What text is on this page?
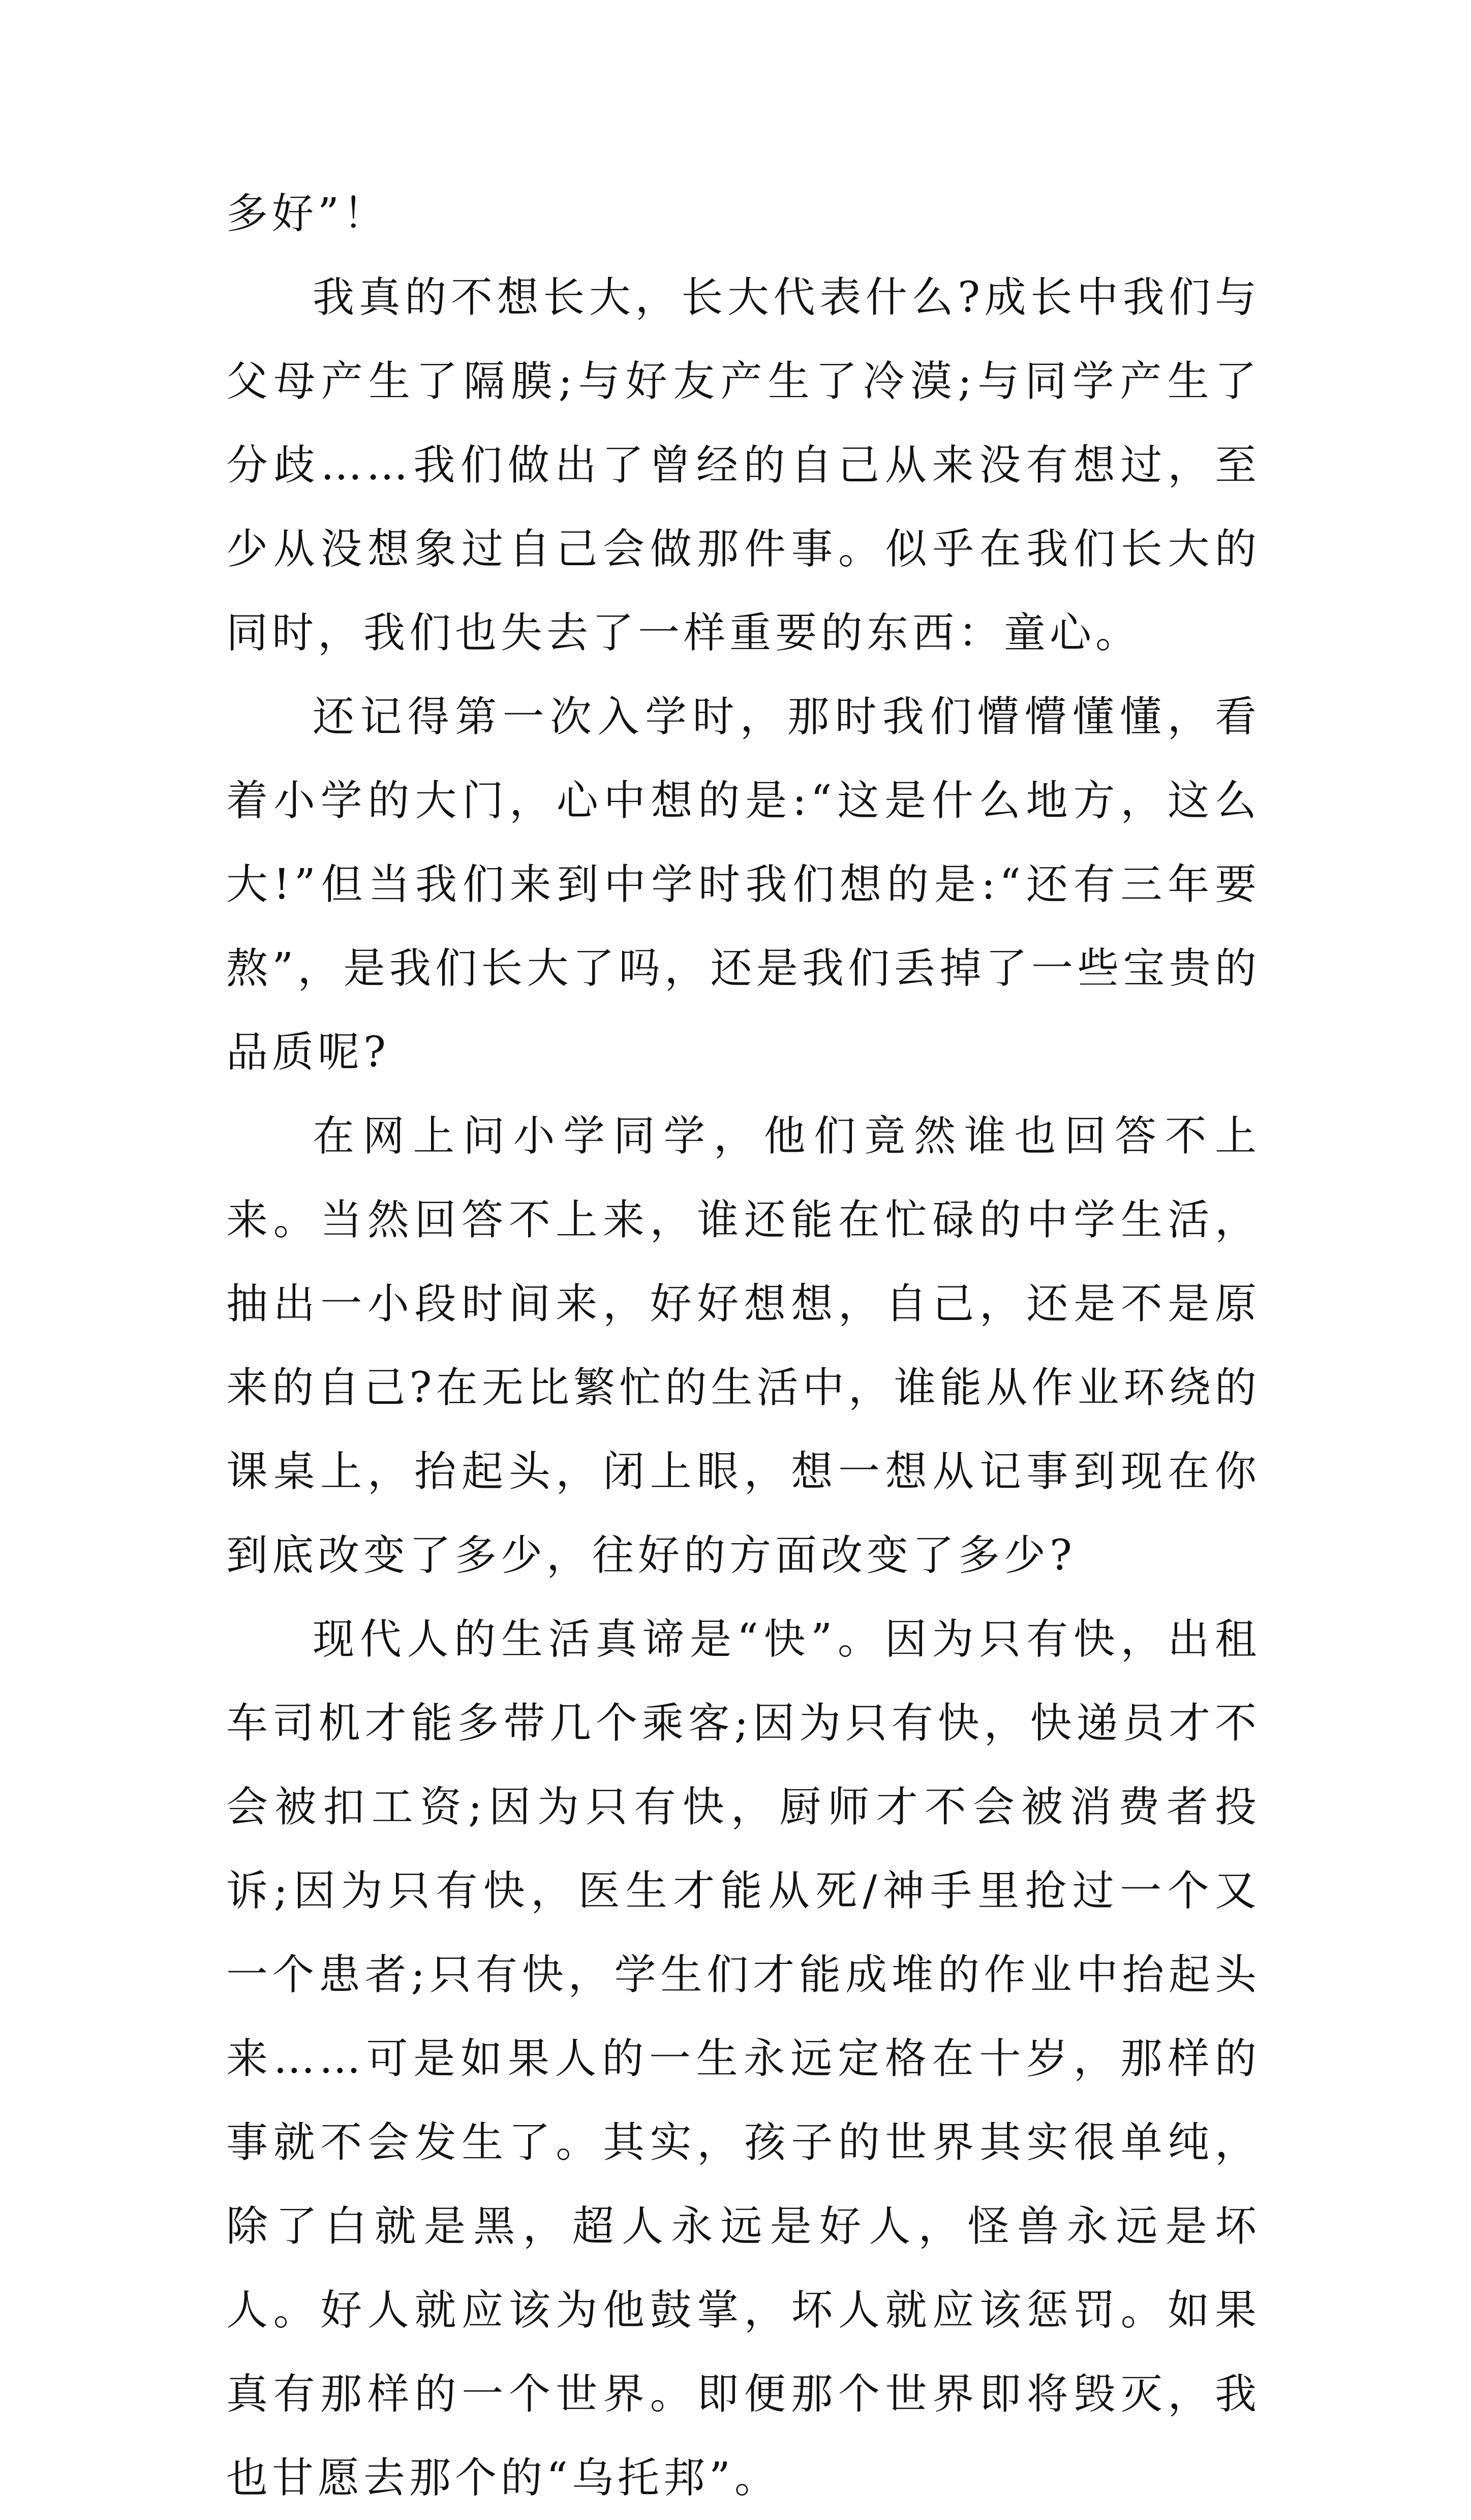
多好”！

我真的不想长大，长大代表什么?成长中我们与父母产生了隔膜;与好友产生了冷漠;与同学产生了分歧……我们做出了曾经的自己从来没有想过，至少从没想象过自己会做那件事。似乎在我们长大的同时，我们也失去了一样重要的东西：童心。

还记得第一次入学时，那时我们懵懵懂懂，看着小学的大门，心中想的是:“这是什么地方，这么大!”但当我们来到中学时我们想的是:“还有三年要熬”，是我们长大了吗，还是我们丢掉了一些宝贵的品质呢?

在网上问小学同学，他们竟然谁也回答不上来。当然回答不上来，谁还能在忙碌的中学生活，抽出一小段时间来，好好想想，自己，还是不是原来的自己?在无比繁忙的生活中，谁能从作业环绕的课桌上，抬起头，闭上眼，想一想从记事到现在你到底改变了多少，往好的方面改变了多少?

现代人的生活真谛是“快”。因为只有快，出租车司机才能多带几个乘客;因为只有快，快递员才不会被扣工资;因为只有快，厨师才不会被消费者投诉;因为只有快，医生才能从死/神手里抢过一个又一个患者;只有快，学生们才能成堆的作业中抬起头来……可是如果人的一生永远定格在十岁，那样的事就不会发生了。其实，孩子的世界其实很单纯，除了白就是黑，超人永远是好人，怪兽永远是坏人。好人就应该为他鼓掌，坏人就应该惩罚。如果真有那样的一个世界。即便那个世界即将毁灭，我也甘愿去那个的“乌托邦”。
